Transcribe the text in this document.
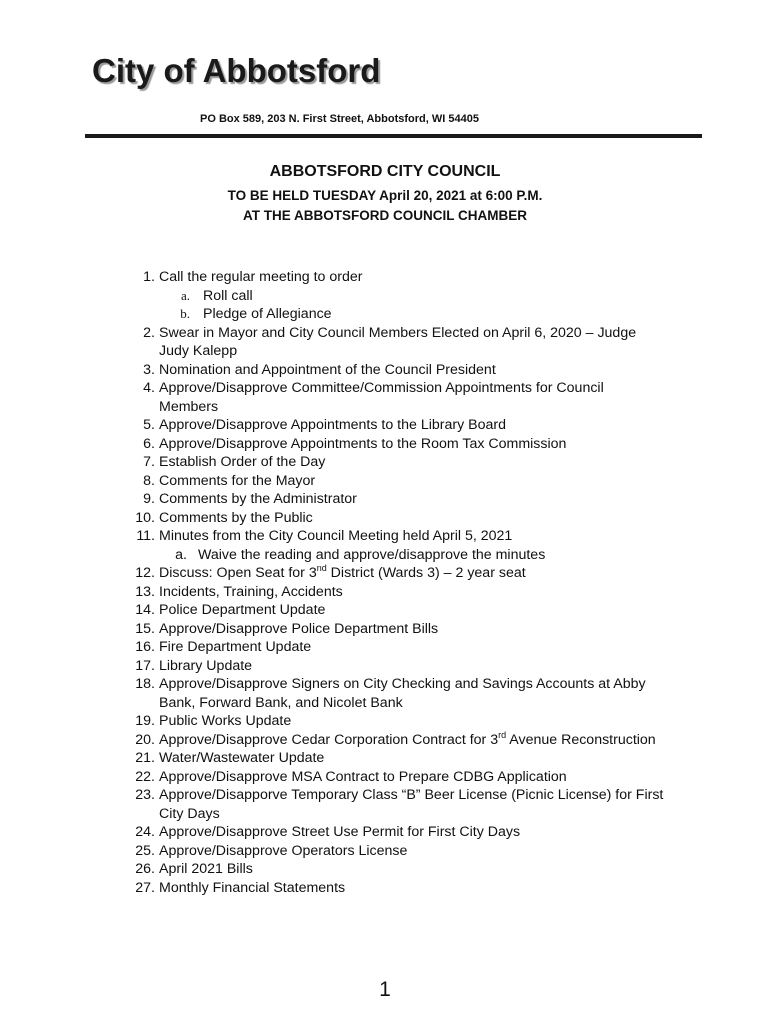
City of Abbotsford
PO Box 589, 203 N. First Street, Abbotsford, WI 54405
ABBOTSFORD CITY COUNCIL
TO BE HELD TUESDAY April 20, 2021 at 6:00 P.M.
AT THE ABBOTSFORD COUNCIL CHAMBER
1. Call the regular meeting to order
a. Roll call
b. Pledge of Allegiance
2. Swear in Mayor and City Council Members Elected on April 6, 2020 – Judge
Judy Kalepp
3. Nomination and Appointment of the Council President
4. Approve/Disapprove Committee/Commission Appointments for Council
Members
5. Approve/Disapprove Appointments to the Library Board
6. Approve/Disapprove Appointments to the Room Tax Commission
7. Establish Order of the Day
8. Comments for the Mayor
9. Comments by the Administrator
10. Comments by the Public
11. Minutes from the City Council Meeting held April 5, 2021
a. Waive the reading and approve/disapprove the minutes
12. Discuss: Open Seat for 3nd District (Wards 3) – 2 year seat
13. Incidents, Training, Accidents
14. Police Department Update
15. Approve/Disapprove Police Department Bills
16. Fire Department Update
17. Library Update
18. Approve/Disapprove Signers on City Checking and Savings Accounts at Abby
Bank, Forward Bank, and Nicolet Bank
19. Public Works Update
20. Approve/Disapprove Cedar Corporation Contract for 3rd Avenue Reconstruction
21. Water/Wastewater Update
22. Approve/Disapprove MSA Contract to Prepare CDBG Application
23. Approve/Disapporve Temporary Class “B” Beer License (Picnic License) for First
City Days
24. Approve/Disapprove Street Use Permit for First City Days
25. Approve/Disapprove Operators License
26. April 2021 Bills
27. Monthly Financial Statements
1
